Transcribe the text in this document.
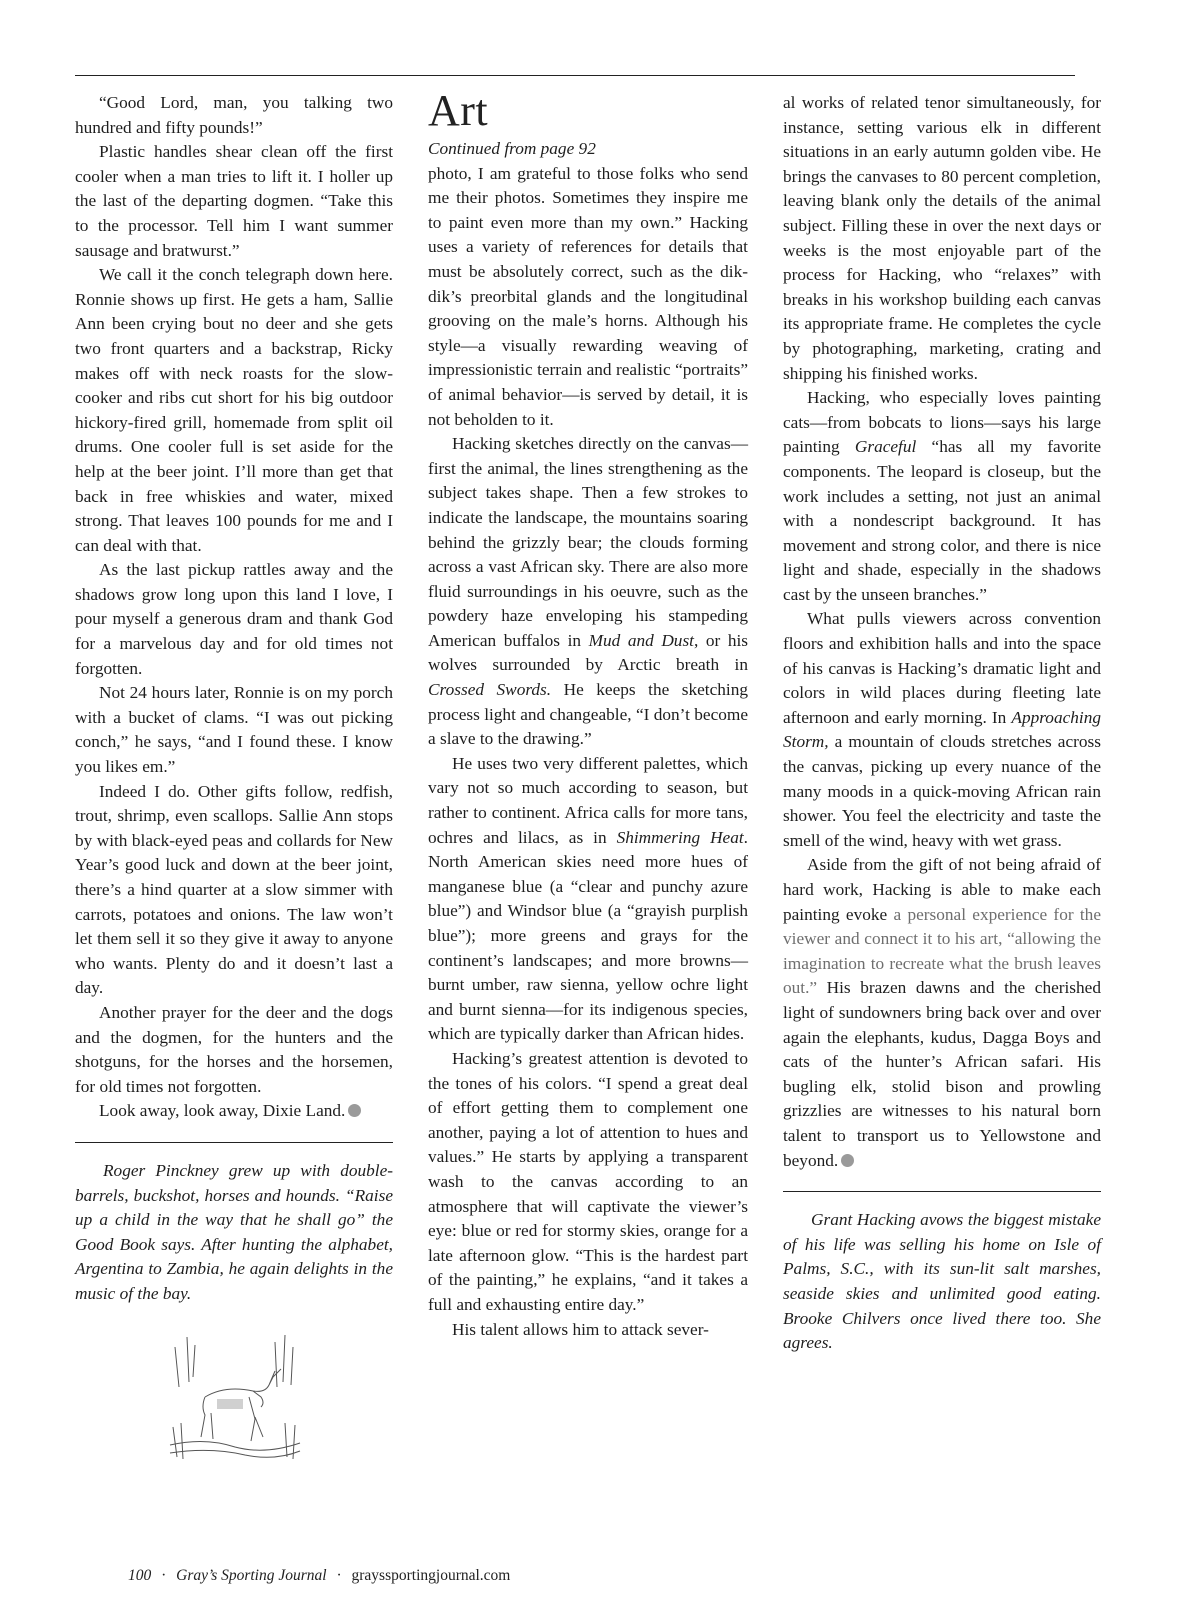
“Good Lord, man, you talking two hundred and fifty pounds!”

Plastic handles shear clean off the first cooler when a man tries to lift it. I holler up the last of the departing dogmen. “Take this to the processor. Tell him I want summer sausage and bratwurst.”

We call it the conch telegraph down here. Ronnie shows up first. He gets a ham, Sallie Ann been crying bout no deer and she gets two front quarters and a backstrap, Ricky makes off with neck roasts for the slow-cooker and ribs cut short for his big outdoor hickory-fired grill, homemade from split oil drums. One cooler full is set aside for the help at the beer joint. I’ll more than get that back in free whiskies and water, mixed strong. That leaves 100 pounds for me and I can deal with that.

As the last pickup rattles away and the shadows grow long upon this land I love, I pour myself a generous dram and thank God for a marvelous day and for old times not forgotten.

Not 24 hours later, Ronnie is on my porch with a bucket of clams. “I was out picking conch,” he says, “and I found these. I know you likes em.”

Indeed I do. Other gifts follow, redfish, trout, shrimp, even scallops. Sallie Ann stops by with black-eyed peas and collards for New Year’s good luck and down at the beer joint, there’s a hind quarter at a slow simmer with carrots, potatoes and onions. The law won’t let them sell it so they give it away to anyone who wants. Plenty do and it doesn’t last a day.

Another prayer for the deer and the dogs and the dogmen, for the hunters and the shotguns, for the horses and the horsemen, for old times not forgotten.

Look away, look away, Dixie Land.

Roger Pinckney grew up with double-barrels, buckshot, horses and hounds. “Raise up a child in the way that he shall go” the Good Book says. After hunting the alphabet, Argentina to Zambia, he again delights in the music of the bay.

Art

Continued from page 92

photo, I am grateful to those folks who send me their photos. Sometimes they inspire me to paint even more than my own.” Hacking uses a variety of references for details that must be absolutely correct, such as the dik-dik’s preorbital glands and the longitudinal grooving on the male’s horns. Although his style—a visually rewarding weaving of impressionistic terrain and realistic “portraits” of animal behavior—is served by detail, it is not beholden to it.

Hacking sketches directly on the canvas—first the animal, the lines strengthening as the subject takes shape. Then a few strokes to indicate the landscape, the mountains soaring behind the grizzly bear; the clouds forming across a vast African sky. There are also more fluid surroundings in his oeuvre, such as the powdery haze enveloping his stampeding American buffalos in Mud and Dust, or his wolves surrounded by Arctic breath in Crossed Swords. He keeps the sketching process light and changeable, “I don’t become a slave to the drawing.”

He uses two very different palettes, which vary not so much according to season, but rather to continent. Africa calls for more tans, ochres and lilacs, as in Shimmering Heat. North American skies need more hues of manganese blue (a “clear and punchy azure blue”) and Windsor blue (a “grayish purplish blue”); more greens and grays for the continent’s landscapes; and more browns—burnt umber, raw sienna, yellow ochre light and burnt sienna—for its indigenous species, which are typically darker than African hides.

Hacking’s greatest attention is devoted to the tones of his colors. “I spend a great deal of effort getting them to complement one another, paying a lot of attention to hues and values.” He starts by applying a transparent wash to the canvas according to an atmosphere that will captivate the viewer’s eye: blue or red for stormy skies, orange for a late afternoon glow. “This is the hardest part of the painting,” he explains, “and it takes a full and exhausting entire day.”

His talent allows him to attack sever-

al works of related tenor simultaneously, for instance, setting various elk in different situations in an early autumn golden vibe. He brings the canvases to 80 percent completion, leaving blank only the details of the animal subject. Filling these in over the next days or weeks is the most enjoyable part of the process for Hacking, who “relaxes” with breaks in his workshop building each canvas its appropriate frame. He completes the cycle by photographing, marketing, crating and shipping his finished works.

Hacking, who especially loves painting cats—from bobcats to lions—says his large painting Graceful “has all my favorite components. The leopard is closeup, but the work includes a setting, not just an animal with a nondescript background. It has movement and strong color, and there is nice light and shade, especially in the shadows cast by the unseen branches.”

What pulls viewers across convention floors and exhibition halls and into the space of his canvas is Hacking’s dramatic light and colors in wild places during fleeting late afternoon and early morning. In Approaching Storm, a mountain of clouds stretches across the canvas, picking up every nuance of the many moods in a quick-moving African rain shower. You feel the electricity and taste the smell of the wind, heavy with wet grass.

Aside from the gift of not being afraid of hard work, Hacking is able to make each painting evoke a personal experience for the viewer and connect it to his art, “allowing the imagination to recreate what the brush leaves out.” His brazen dawns and the cherished light of sundowners bring back over and over again the elephants, kudus, Dagga Boys and cats of the hunter’s African safari. His bugling elk, stolid bison and prowling grizzlies are witnesses to his natural born talent to transport us to Yellowstone and beyond.

Grant Hacking avows the biggest mistake of his life was selling his home on Isle of Palms, S.C., with its sun-lit salt marshes, seaside skies and unlimited good eating. Brooke Chilvers once lived there too. She agrees.

100 · Gray’s Sporting Journal · grayssportingjournal.com
